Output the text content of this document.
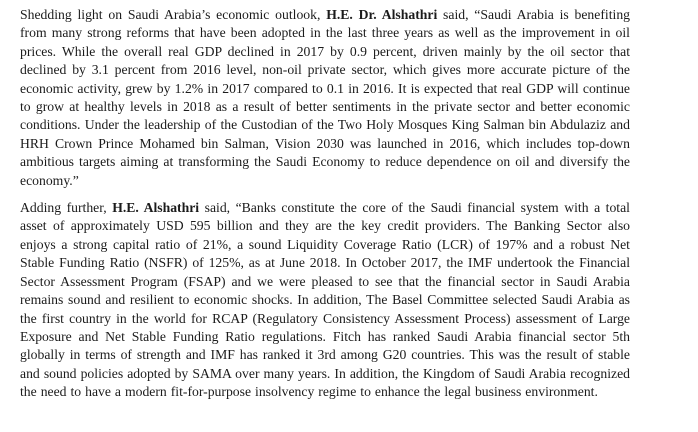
Shedding light on Saudi Arabia’s economic outlook, H.E. Dr. Alshathri said, “Saudi Arabia is benefiting from many strong reforms that have been adopted in the last three years as well as the improvement in oil prices. While the overall real GDP declined in 2017 by 0.9 percent, driven mainly by the oil sector that declined by 3.1 percent from 2016 level, non-oil private sector, which gives more accurate picture of the economic activity, grew by 1.2% in 2017 compared to 0.1 in 2016. It is expected that real GDP will continue to grow at healthy levels in 2018 as a result of better sentiments in the private sector and better economic conditions. Under the leadership of the Custodian of the Two Holy Mosques King Salman bin Abdulaziz and HRH Crown Prince Mohamed bin Salman, Vision 2030 was launched in 2016, which includes top-down ambitious targets aiming at transforming the Saudi Economy to reduce dependence on oil and diversify the economy.”

Adding further, H.E. Alshathri said, “Banks constitute the core of the Saudi financial system with a total asset of approximately USD 595 billion and they are the key credit providers. The Banking Sector also enjoys a strong capital ratio of 21%, a sound Liquidity Coverage Ratio (LCR) of 197% and a robust Net Stable Funding Ratio (NSFR) of 125%, as at June 2018. In October 2017, the IMF undertook the Financial Sector Assessment Program (FSAP) and we were pleased to see that the financial sector in Saudi Arabia remains sound and resilient to economic shocks. In addition, The Basel Committee selected Saudi Arabia as the first country in the world for RCAP (Regulatory Consistency Assessment Process) assessment of Large Exposure and Net Stable Funding Ratio regulations. Fitch has ranked Saudi Arabia financial sector 5th globally in terms of strength and IMF has ranked it 3rd among G20 countries. This was the result of stable and sound policies adopted by SAMA over many years. In addition, the Kingdom of Saudi Arabia recognized the need to have a modern fit-for-purpose insolvency regime to enhance the legal business environment.
